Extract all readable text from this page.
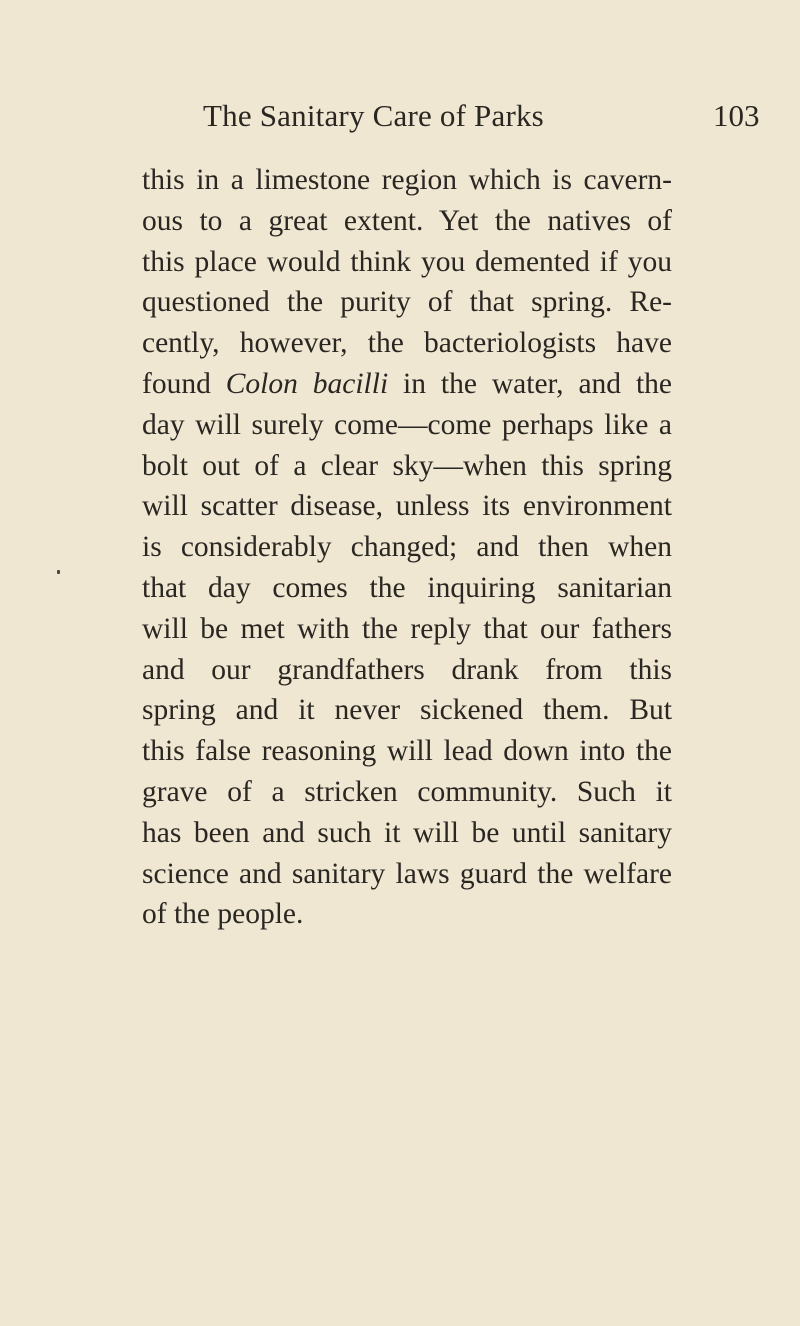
The Sanitary Care of Parks	103
this in a limestone region which is cavern-
ous to a great extent. Yet the natives of
this place would think you demented if you
questioned the purity of that spring. Re-
cently, however, the bacteriologists have
found Colon bacilli in the water, and the
day will surely come—come perhaps like a
bolt out of a clear sky—when this spring
will scatter disease, unless its environment
is considerably changed; and then when
that day comes the inquiring sanitarian
will be met with the reply that our fathers
and our grandfathers drank from this
spring and it never sickened them. But
this false reasoning will lead down into the
grave of a stricken community. Such it
has been and such it will be until sanitary
science and sanitary laws guard the welfare
of the people.
